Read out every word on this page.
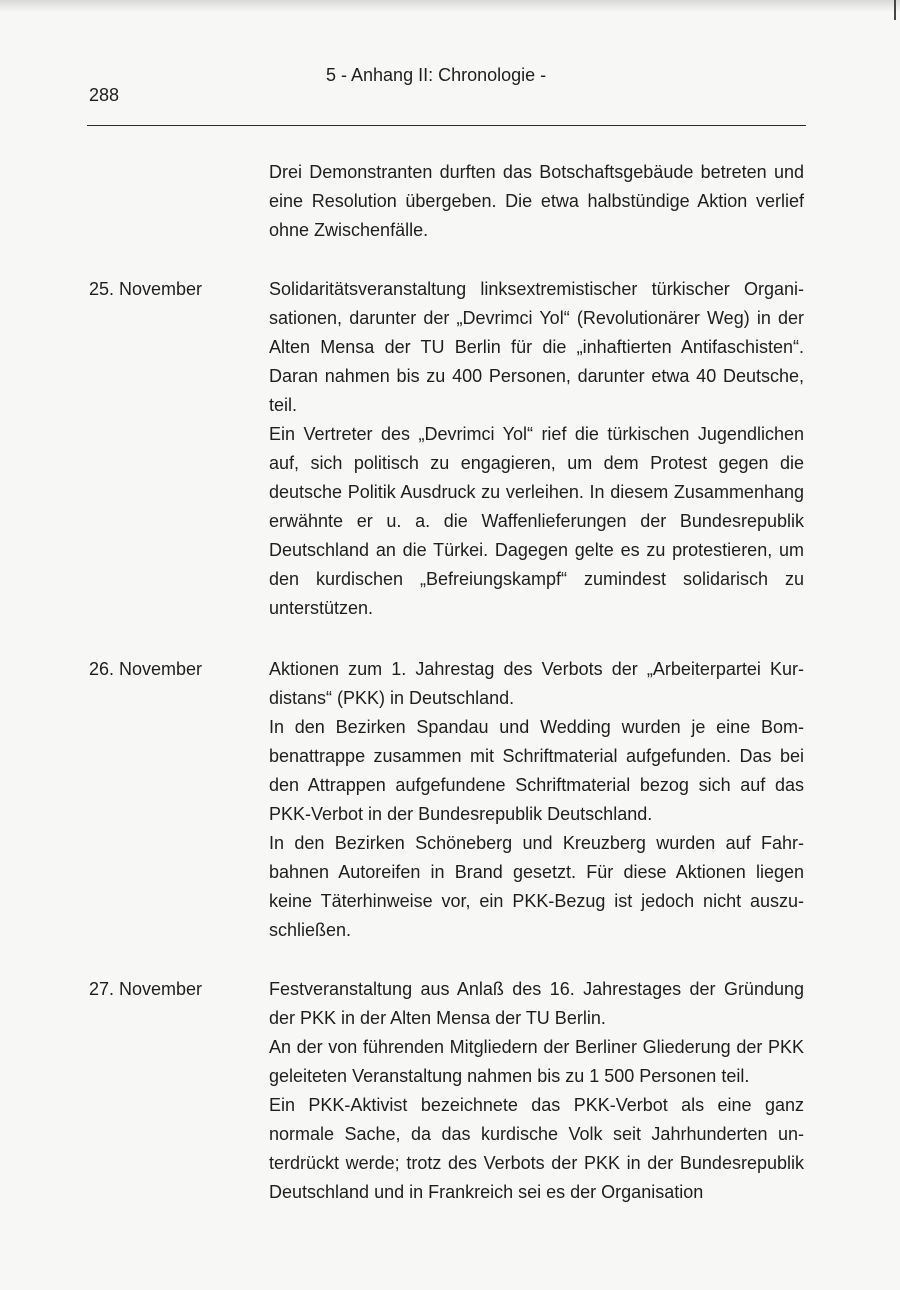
288
5 - Anhang II: Chronologie -

Drei Demonstranten durften das Botschaftsgebäude betreten und eine Resolution übergeben. Die etwa halbstündige Aktion verlief ohne Zwischenfälle.

25. November	Solidaritätsveranstaltung linksextremistischer türkischer Organisationen, darunter der „Devrimci Yol“ (Revolutionärer Weg) in der Alten Mensa der TU Berlin für die „inhaftierten Antifaschisten“. Daran nahmen bis zu 400 Personen, darunter etwa 40 Deutsche, teil.

Ein Vertreter des „Devrimci Yol“ rief die türkischen Jugendlichen auf, sich politisch zu engagieren, um dem Protest gegen die deutsche Politik Ausdruck zu verleihen. In diesem Zusammenhang erwähnte er u. a. die Waffenlieferungen der Bundesrepublik Deutschland an die Türkei. Dagegen gelte es zu protestieren, um den kurdischen „Befreiungskampf“ zumindest solidarisch zu unterstützen.

26. November	Aktionen zum 1. Jahrestag des Verbots der „Arbeiterpartei Kurdistans“ (PKK) in Deutschland.

In den Bezirken Spandau und Wedding wurden je eine Bombenattrappe zusammen mit Schriftmaterial aufgefunden. Das bei den Attrappen aufgefundene Schriftmaterial bezog sich auf das PKK-Verbot in der Bundesrepublik Deutschland.

In den Bezirken Schöneberg und Kreuzberg wurden auf Fahrbahnen Autoreifen in Brand gesetzt. Für diese Aktionen liegen keine Täterhinweise vor, ein PKK-Bezug ist jedoch nicht auszuschließen.

27. November	Festveranstaltung aus Anlaß des 16. Jahrestages der Gründung der PKK in der Alten Mensa der TU Berlin.

An der von führenden Mitgliedern der Berliner Gliederung der PKK geleiteten Veranstaltung nahmen bis zu 1 500 Personen teil.

Ein PKK-Aktivist bezeichnete das PKK-Verbot als eine ganz normale Sache, da das kurdische Volk seit Jahrhunderten unterdrückt werde; trotz des Verbots der PKK in der Bundesrepublik Deutschland und in Frankreich sei es der Organisation
